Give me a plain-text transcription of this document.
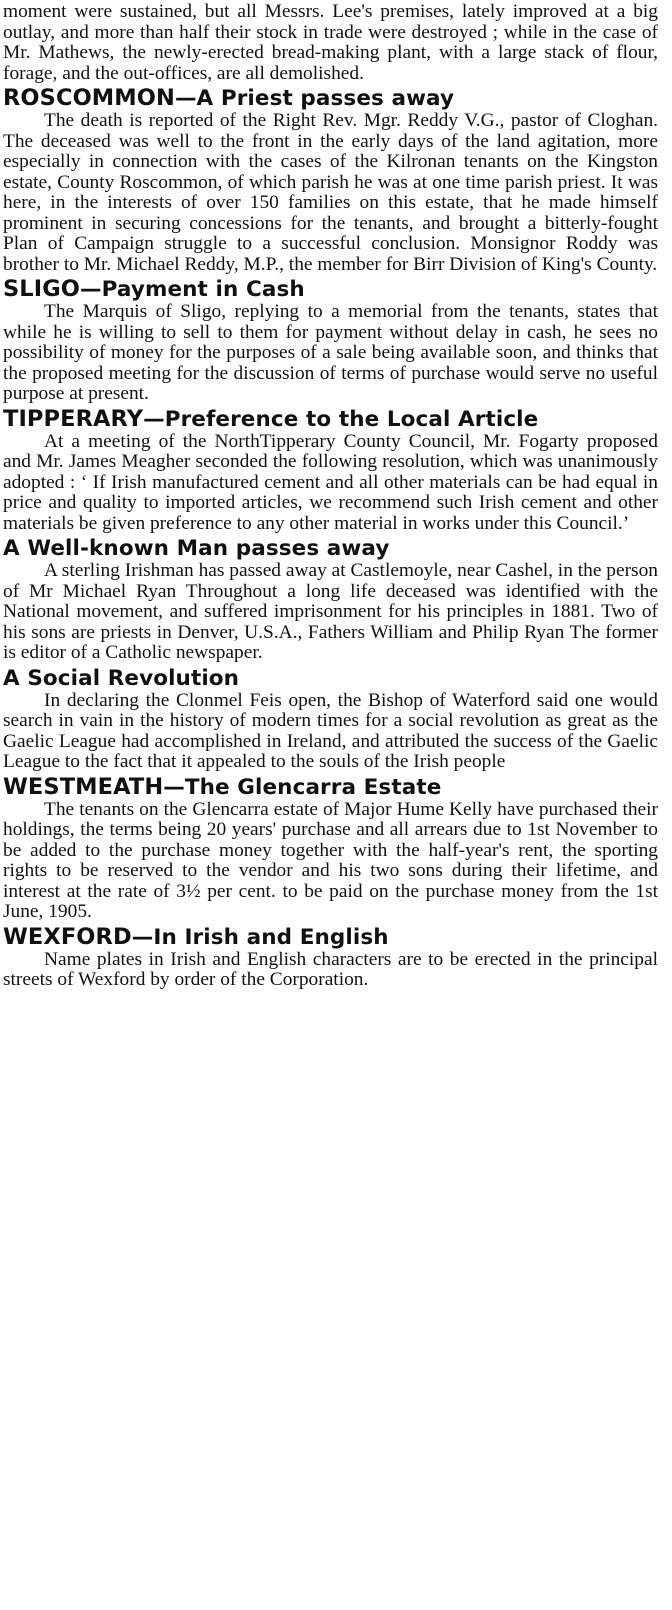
moment were sustained, but all Messrs. Lee's premises, lately improved at a big outlay, and more than half their stock in trade were destroyed ; while in the case of Mr. Mathews, the newly-erected bread-making plant, with a large stack of flour, forage, and the out-offices, are all demolished.

ROSCOMMON—A Priest passes away

The death is reported of the Right Rev. Mgr. Reddy V.G., pastor of Cloghan. The deceased was well to the front in the early days of the land agitation, more especially in connection with the cases of the Kilronan tenants on the Kingston estate, County Roscommon, of which parish he was at one time parish priest. It was here, in the interests of over 150 families on this estate, that he made himself prominent in securing concessions for the tenants, and brought a bitterly-fought Plan of Campaign struggle to a successful conclusion. Monsignor Roddy was brother to Mr. Michael Reddy, M.P., the member for Birr Division of King's County.

SLIGO—Payment in Cash

The Marquis of Sligo, replying to a memorial from the tenants, states that while he is willing to sell to them for payment without delay in cash, he sees no possibility of money for the purposes of a sale being available soon, and thinks that the proposed meeting for the discussion of terms of purchase would serve no useful purpose at present.

TIPPERARY—Preference to the Local Article

At a meeting of the NorthTipperary County Council, Mr. Fogarty proposed and Mr. James Meagher seconded the following resolution, which was unanimously adopted : ‘ If Irish manufactured cement and all other materials can be had equal in price and quality to imported articles, we recommend such Irish cement and other materials be given preference to any other material in works under this Council.’

A Well-known Man passes away

A sterling Irishman has passed away at Castlemoyle, near Cashel, in the person of Mr Michael Ryan Throughout a long life deceased was identified with the National movement, and suffered imprisonment for his principles in 1881. Two of his sons are priests in Denver, U.S.A., Fathers William and Philip Ryan The former is editor of a Catholic newspaper.

A Social Revolution

In declaring the Clonmel Feis open, the Bishop of Waterford said one would search in vain in the history of modern times for a social revolution as great as the Gaelic League had accomplished in Ireland, and attributed the success of the Gaelic League to the fact that it appealed to the souls of the Irish people

WESTMEATH—The Glencarra Estate

The tenants on the Glencarra estate of Major Hume Kelly have purchased their holdings, the terms being 20 years' purchase and all arrears due to 1st November to be added to the purchase money together with the half-year's rent, the sporting rights to be reserved to the vendor and his two sons during their lifetime, and interest at the rate of 3½ per cent. to be paid on the purchase money from the 1st June, 1905.

WEXFORD—In Irish and English

Name plates in Irish and English characters are to be erected in the principal streets of Wexford by order of the Corporation.
